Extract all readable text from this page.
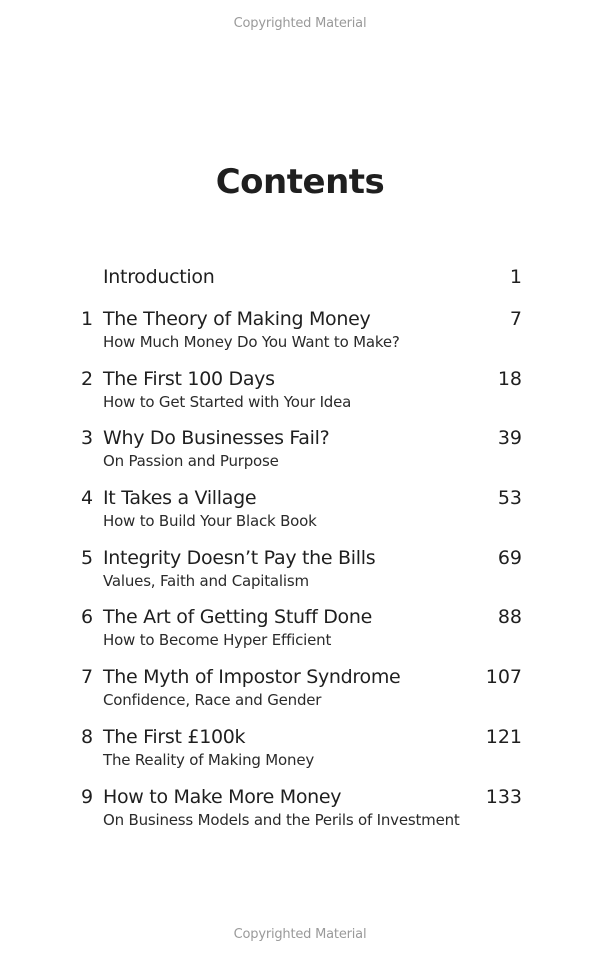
Copyrighted Material
Contents
Introduction	1
1 The Theory of Making Money
How Much Money Do You Want to Make?
7
2 The First 100 Days
How to Get Started with Your Idea
18
3 Why Do Businesses Fail?
On Passion and Purpose
39
4 It Takes a Village
How to Build Your Black Book
53
5 Integrity Doesn’t Pay the Bills
Values, Faith and Capitalism
69
6 The Art of Getting Stuff Done
How to Become Hyper Efficient
88
7 The Myth of Impostor Syndrome
Confidence, Race and Gender
107
8 The First £100k
The Reality of Making Money
121
9 How to Make More Money
On Business Models and the Perils of Investment
133
Copyrighted Material
